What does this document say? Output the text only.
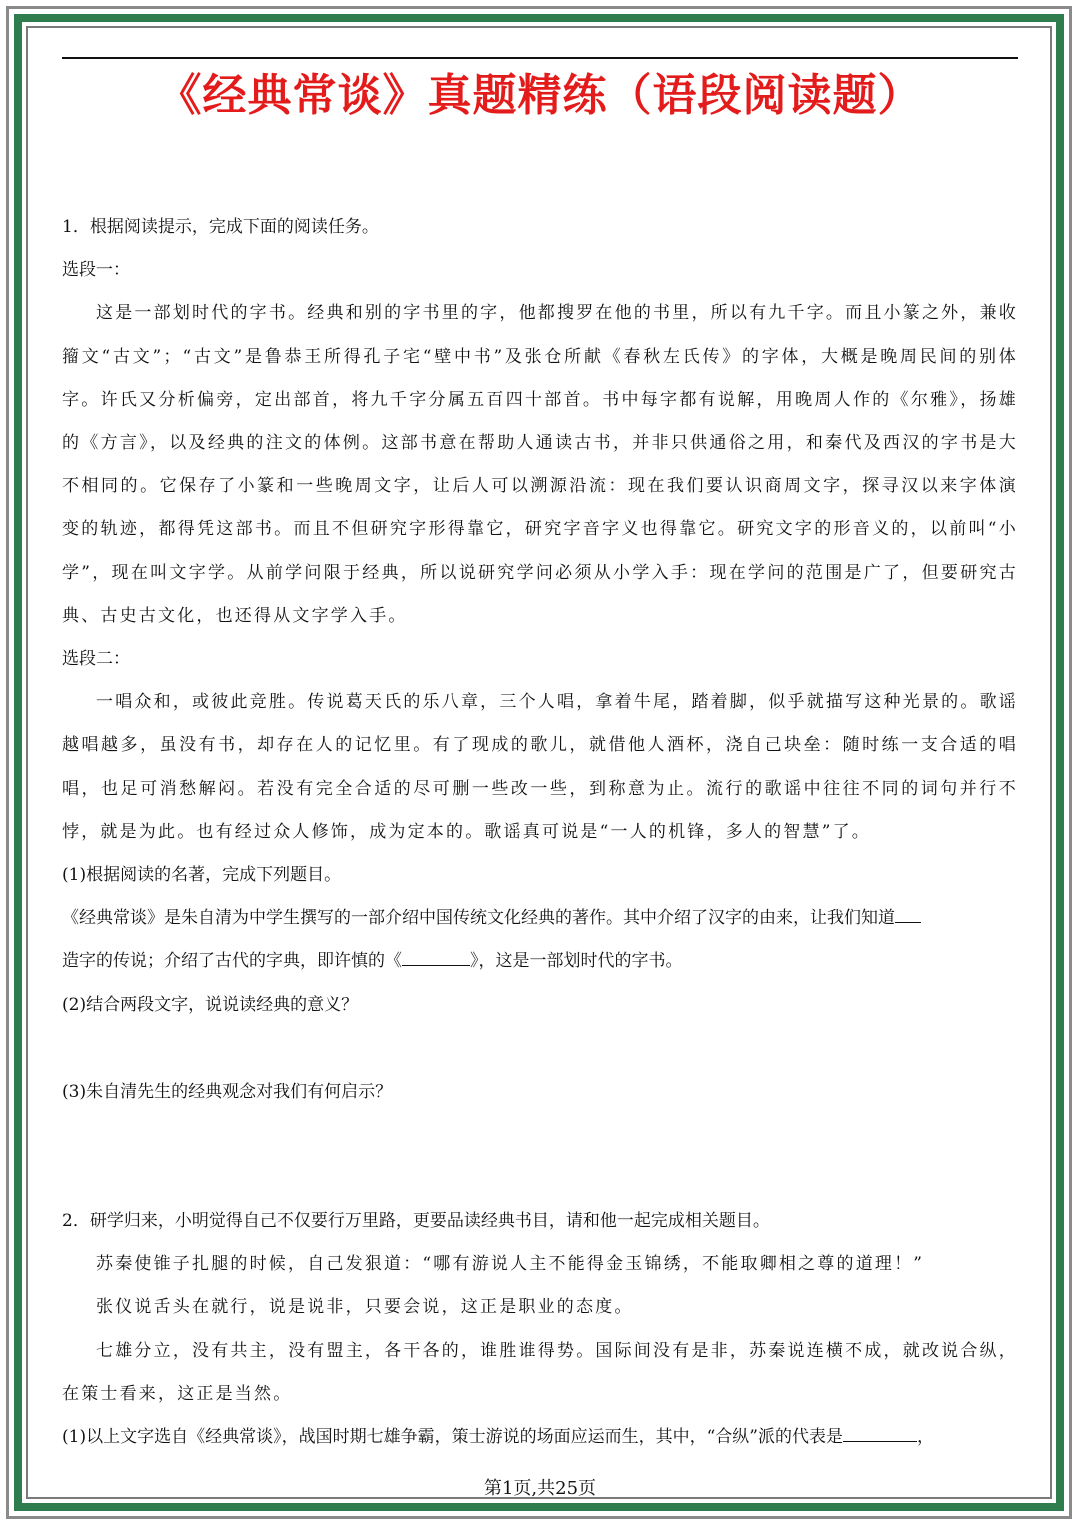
《经典常谈》真题精练（语段阅读题）

1．根据阅读提示，完成下面的阅读任务。

选段一：

这是一部划时代的字书。经典和别的字书里的字，他都搜罗在他的书里，所以有九千字。而且小篆之外，兼收籀文“古文”；“古文”是鲁恭王所得孔子宅“壁中书”及张仓所献《春秋左氏传》的字体，大概是晚周民间的别体字。许氏又分析偏旁，定出部首，将九千字分属五百四十部首。书中每字都有说解，用晚周人作的《尔雅》，扬雄的《方言》，以及经典的注文的体例。这部书意在帮助人通读古书，并非只供通俗之用，和秦代及西汉的字书是大不相同的。它保存了小篆和一些晚周文字，让后人可以溯源沿流：现在我们要认识商周文字，探寻汉以来字体演变的轨迹，都得凭这部书。而且不但研究字形得靠它，研究字音字义也得靠它。研究文字的形音义的，以前叫“小学”，现在叫文字学。从前学问限于经典，所以说研究学问必须从小学入手：现在学问的范围是广了，但要研究古典、古史古文化，也还得从文字学入手。

选段二：

一唱众和，或彼此竞胜。传说葛天氏的乐八章，三个人唱，拿着牛尾，踏着脚，似乎就描写这种光景的。歌谣越唱越多，虽没有书，却存在人的记忆里。有了现成的歌儿，就借他人酒杯，浇自己块垒：随时练一支合适的唱唱，也足可消愁解闷。若没有完全合适的尽可删一些改一些，到称意为止。流行的歌谣中往往不同的词句并行不悖，就是为此。也有经过众人修饰，成为定本的。歌谣真可说是“一人的机锋，多人的智慧”了。

(1)根据阅读的名著，完成下列题目。

《经典常谈》是朱自清为中学生撰写的一部介绍中国传统文化经典的著作。其中介绍了汉字的由来，让我们知道
造字的传说；介绍了古代的字典，即许慎的《	》，这是一部划时代的字书。

(2)结合两段文字，说说读经典的意义？

(3)朱自清先生的经典观念对我们有何启示？

2．研学归来，小明觉得自己不仅要行万里路，更要品读经典书目，请和他一起完成相关题目。

苏秦使锥子扎腿的时候，自己发狠道：“哪有游说人主不能得金玉锦绣，不能取卿相之尊的道理！”

张仪说舌头在就行，说是说非，只要会说，这正是职业的态度。

七雄分立，没有共主，没有盟主，各干各的，谁胜谁得势。国际间没有是非，苏秦说连横不成，就改说合纵，在策士看来，这正是当然。

(1)以上文字选自《经典常谈》，战国时期七雄争霸，策士游说的场面应运而生，其中，“合纵”派的代表是	，

第1页,共25页
